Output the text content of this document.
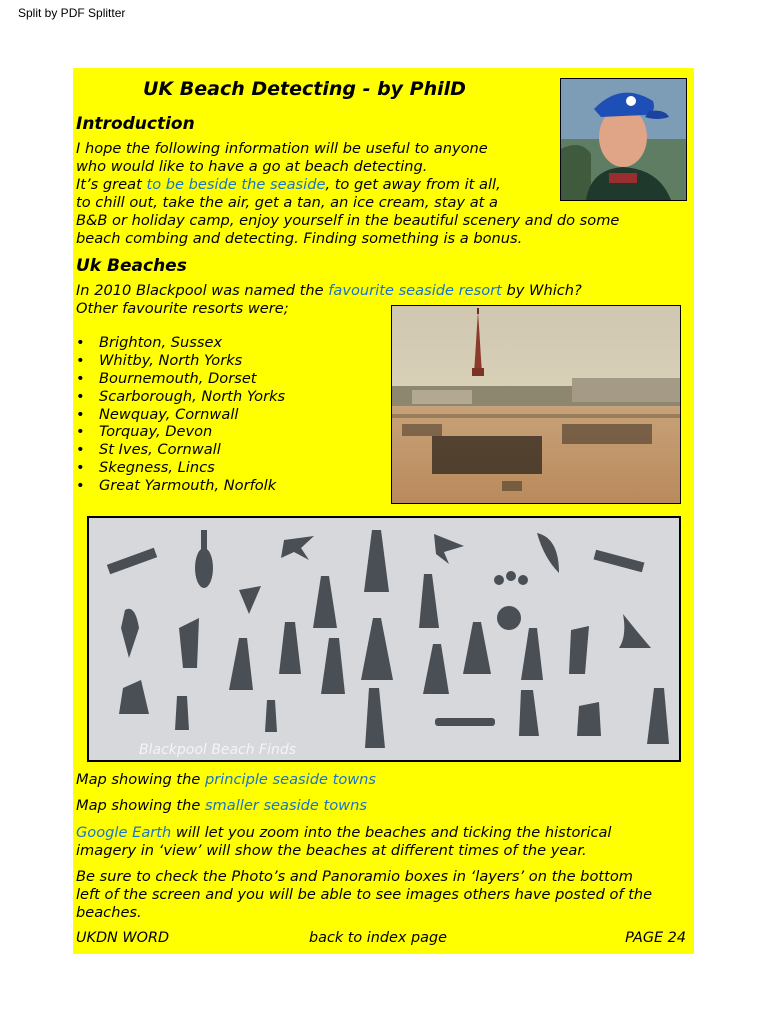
Split by PDF Splitter
UK Beach Detecting - by PhilD
Introduction
I hope the following information will be useful to anyone
who would like to have a go at beach detecting.
It’s great to be beside the seaside, to get away from it all,
to chill out, take the air, get a tan, an ice cream, stay at a
B&B or holiday camp, enjoy yourself in the beautiful scenery and do some
beach combing and detecting. Finding something is a bonus.
Uk Beaches
In 2010 Blackpool was named the favourite seaside resort by Which?
Other favourite resorts were;
• Brighton, Sussex
• Whitby, North Yorks
• Bournemouth, Dorset
• Scarborough, North Yorks
• Newquay, Cornwall
• Torquay, Devon
• St Ives, Cornwall
• Skegness, Lincs
• Great Yarmouth, Norfolk
Blackpool Beach Finds
Map showing the principle seaside towns
Map showing the smaller seaside towns
Google Earth will let you zoom into the beaches and ticking the historical
imagery in ‘view’ will show the beaches at different times of the year.
Be sure to check the Photo’s and Panoramio boxes in ‘layers’ on the bottom
left of the screen and you will be able to see images others have posted of the
beaches.
UKDN WORD	back to index page	PAGE 24
